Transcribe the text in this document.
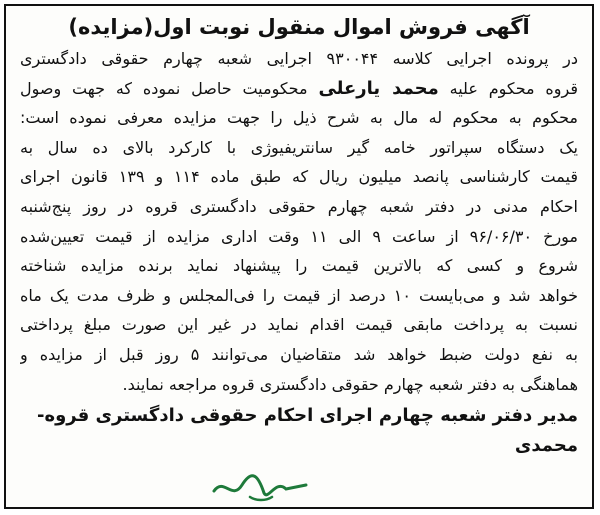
آگهی فروش اموال منقول نوبت اول(مزایده)
در پرونده اجرایی کلاسه ۹۳۰۰۴۴ اجرایی شعبه چهارم حقوقی دادگستری
قروه محکوم علیه محمد یارعلی محکومیت حاصل نموده که جهت وصول
محکوم به محکوم له مال به شرح ذیل را جهت مزایده معرفی نموده است:
یک دستگاه سپراتور خامه گیر سانتریفیوژی با کارکرد بالای ده سال به
قیمت کارشناسی پانصد میلیون ریال که طبق ماده ۱۱۴ و ۱۳۹ قانون اجرای
احکام مدنی در دفتر شعبه چهارم حقوقی دادگستری قروه در روز پنج‌شنبه
مورخ ۹۶/۰۶/۳۰ از ساعت ۹ الی ۱۱ وقت اداری مزایده از قیمت تعیین‌شده
شروع و کسی که بالاترین قیمت را پیشنهاد نماید برنده مزایده شناخته
خواهد شد و می‌بایست ۱۰ درصد از قیمت را فی‌المجلس و ظرف مدت یک ماه
نسبت به پرداخت مابقی قیمت اقدام نماید در غیر این صورت مبلغ پرداختی
به نفع دولت ضبط خواهد شد متقاضیان می‌توانند ۵ روز قبل از مزایده و
هماهنگی به دفتر شعبه چهارم حقوقی دادگستری قروه مراجعه نمایند.
مدیر دفتر شعبه چهارم اجرای احکام حقوقی دادگستری قروه-
محمدی
